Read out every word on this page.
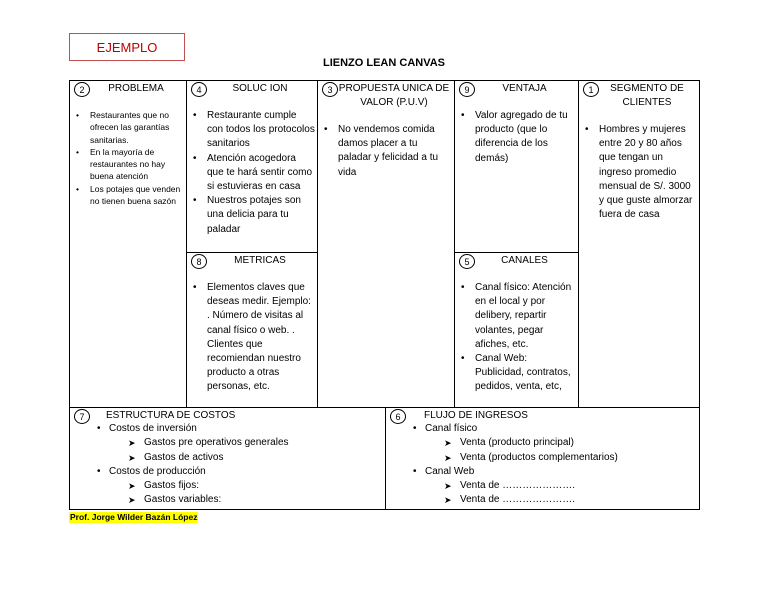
EJEMPLO
LIENZO LEAN CANVAS
2	PROBLEMA
• Restaurantes que no ofrecen las garantías sanitarias.
• En la mayoría de restaurantes no hay buena atención
• Los potajes que venden no tienen buena sazón
4	SOLUC ION
• Restaurante cumple con todos los protocolos sanitarios
• Atención acogedora que te hará sentir como si estuvieras en casa
• Nuestros potajes son una delicia para tu paladar
8	METRICAS
• Elementos claves que deseas medir. Ejemplo: . Número de visitas al canal físico o web. . Clientes que recomiendan nuestro producto a otras personas, etc.
3 PROPUESTA UNICA DE VALOR (P.U.V)
• No vendemos comida damos placer a tu paladar y felicidad a tu vida
9	VENTAJA
• Valor agregado de tu producto (que lo diferencia de los demás)
5	CANALES
• Canal físico: Atención en el local y por delibery, repartir volantes, pegar afiches, etc.
• Canal Web: Publicidad, contratos, pedidos, venta, etc,
1	SEGMENTO DE CLIENTES
• Hombres y mujeres entre 20 y 80 años que tengan un ingreso promedio mensual de S/. 3000 y que guste almorzar fuera de casa
7	ESTRUCTURA DE COSTOS
• Costos de inversión
➤ Gastos pre operativos generales
➤ Gastos de activos
• Costos de producción
➤ Gastos fijos:
➤ Gastos variables:
6	FLUJO DE INGRESOS
• Canal físico
➤ Venta (producto principal)
➤ Venta (productos complementarios)
• Canal Web
➤ Venta de ………………….
➤ Venta de ………………….
Prof. Jorge Wilder Bazán López
